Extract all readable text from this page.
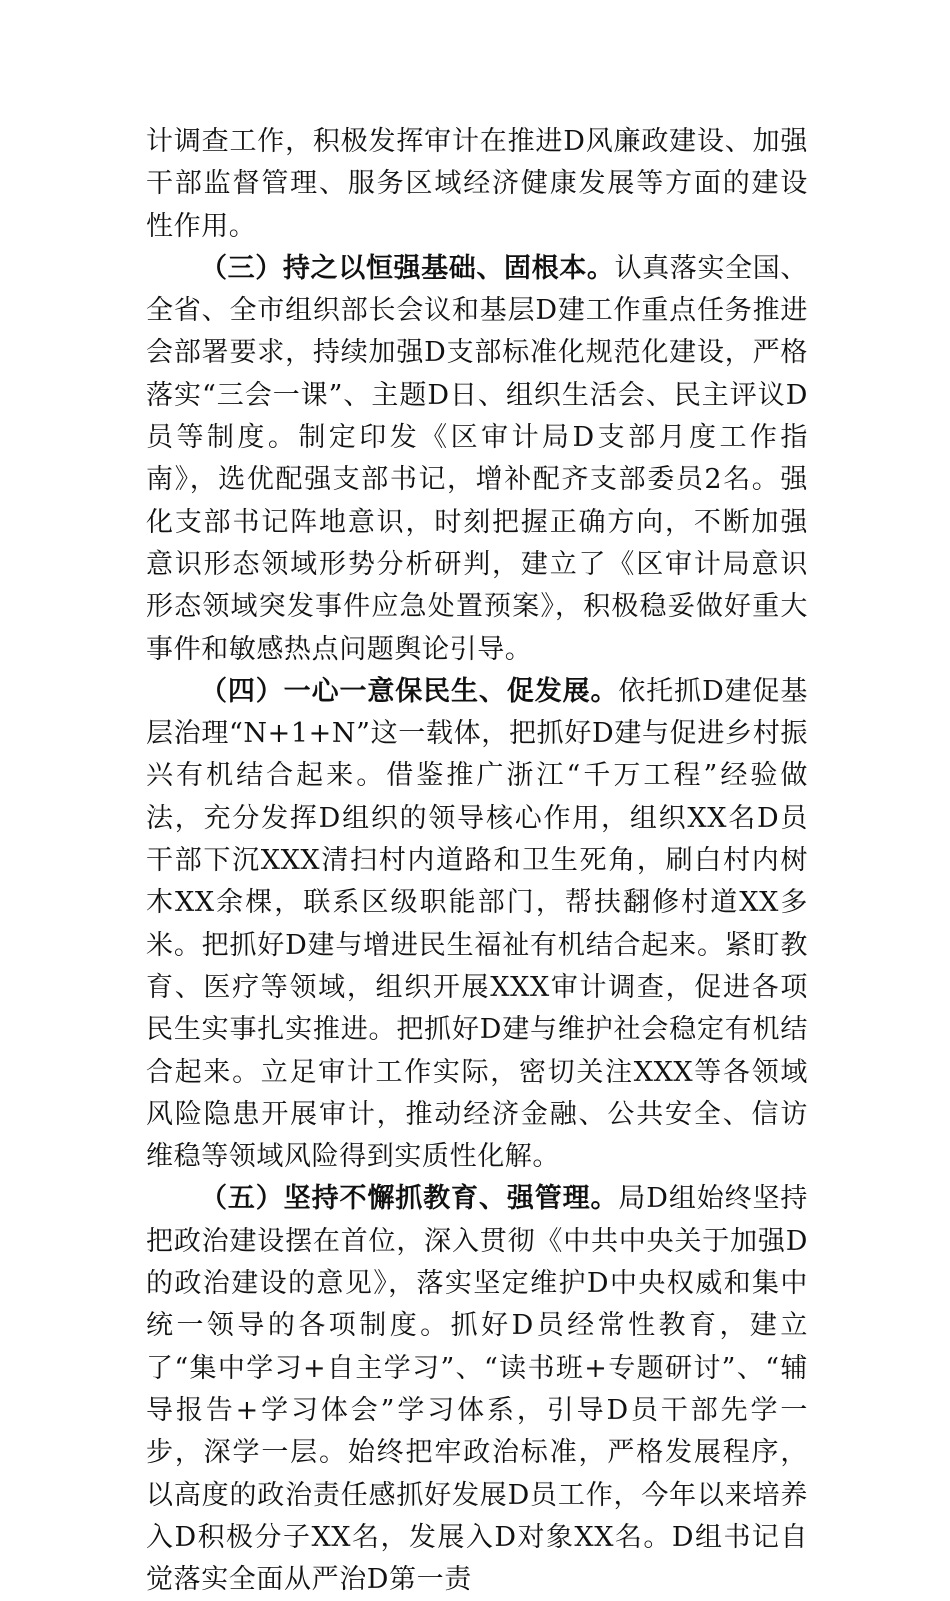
计调查工作，积极发挥审计在推进D风廉政建设、加强干部监督管理、服务区域经济健康发展等方面的建设性作用。

（三）持之以恒强基础、固根本。认真落实全国、全省、全市组织部长会议和基层D建工作重点任务推进会部署要求，持续加强D支部标准化规范化建设，严格落实“三会一课”、主题D日、组织生活会、民主评议D员等制度。制定印发《区审计局D支部月度工作指南》，选优配强支部书记，增补配齐支部委员2名。强化支部书记阵地意识，时刻把握正确方向，不断加强意识形态领域形势分析研判，建立了《区审计局意识形态领域突发事件应急处置预案》，积极稳妥做好重大事件和敏感热点问题舆论引导。

（四）一心一意保民生、促发展。依托抓D建促基层治理“N+1+N”这一载体，把抓好D建与促进乡村振兴有机结合起来。借鉴推广浙江“千万工程”经验做法，充分发挥D组织的领导核心作用，组织XX名D员干部下沉XXX清扫村内道路和卫生死角，刷白村内树木XX余棵，联系区级职能部门，帮扶翻修村道XX多米。把抓好D建与增进民生福祉有机结合起来。紧盯教育、医疗等领域，组织开展XXX审计调查，促进各项民生实事扎实推进。把抓好D建与维护社会稳定有机结合起来。立足审计工作实际，密切关注XXX等各领域风险隐患开展审计，推动经济金融、公共安全、信访维稳等领域风险得到实质性化解。

（五）坚持不懈抓教育、强管理。局D组始终坚持把政治建设摆在首位，深入贯彻《中共中央关于加强D的政治建设的意见》，落实坚定维护D中央权威和集中统一领导的各项制度。抓好D员经常性教育，建立了“集中学习+自主学习”、“读书班+专题研讨”、“辅导报告+学习体会”学习体系，引导D员干部先学一步，深学一层。始终把牢政治标准，严格发展程序，以高度的政治责任感抓好发展D员工作，今年以来培养入D积极分子XX名，发展入D对象XX名。D组书记自觉落实全面从严治D第一责
